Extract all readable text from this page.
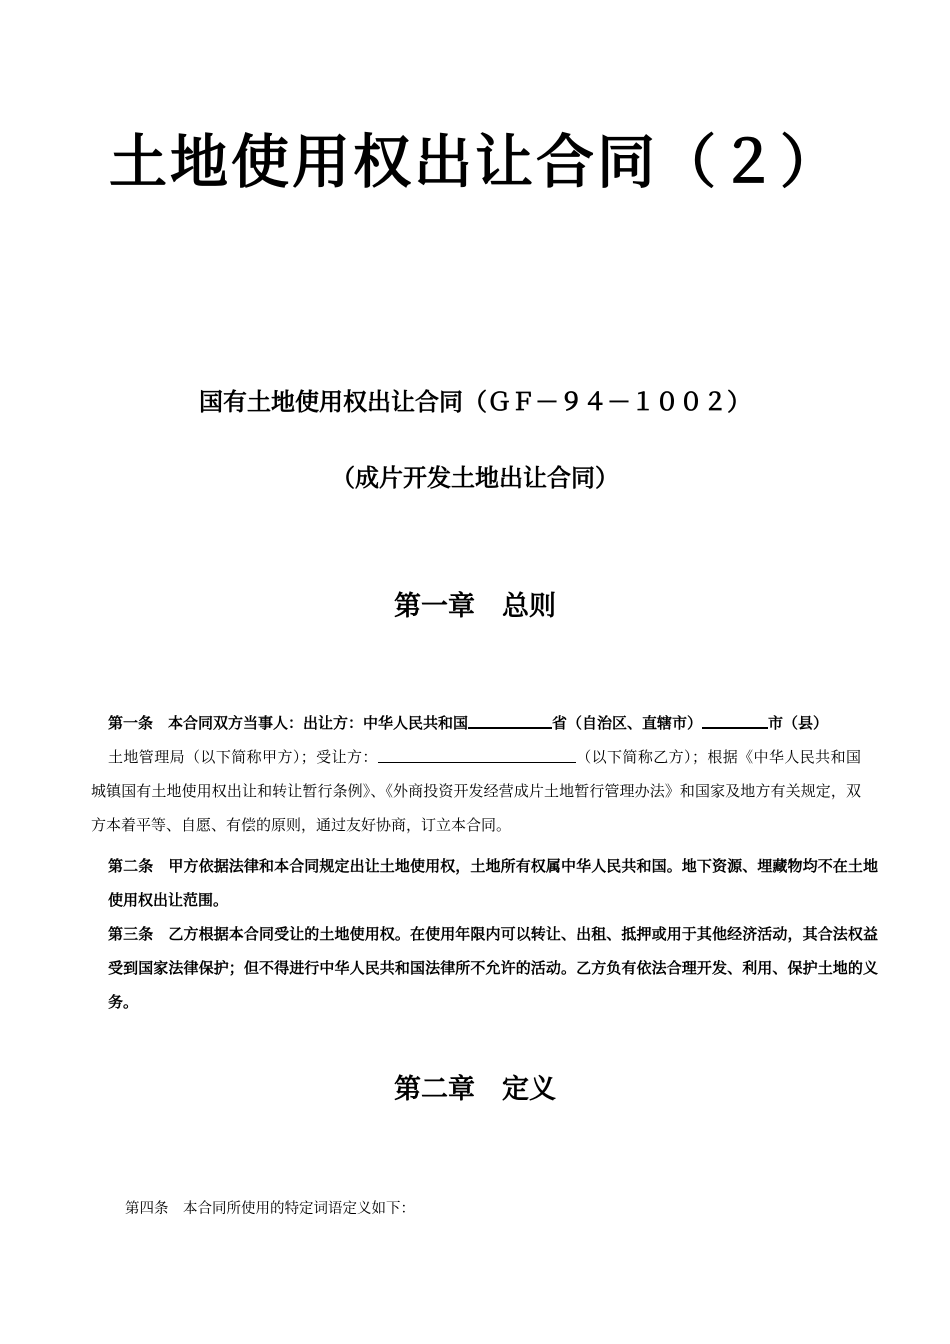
土地使用权出让合同（２）
国有土地使用权出让合同（ＧＦ－９４－１００２）
（成片开发土地出让合同）
第一章　总则
第一条　本合同双方当事人：出让方：中华人民共和国	省（自治区、直辖市）	市（县）
土地管理局（以下简称甲方）；受让方：	（以下简称乙方）；根据《中华人民共和国城镇国有土地使用权出让和转让暂行条例》、《外商投资开发经营成片土地暂行管理办法》和国家及地方有关规定，双方本着平等、自愿、有偿的原则，通过友好协商，订立本合同。
第二条　甲方依据法律和本合同规定出让土地使用权，土地所有权属中华人民共和国。地下资源、埋藏物均不在土地使用权出让范围。
第三条　乙方根据本合同受让的土地使用权。在使用年限内可以转让、出租、抵押或用于其他经济活动，其合法权益受到国家法律保护；但不得进行中华人民共和国法律所不允许的活动。乙方负有依法合理开发、利用、保护土地的义务。
第二章　定义
第四条　本合同所使用的特定词语定义如下：
